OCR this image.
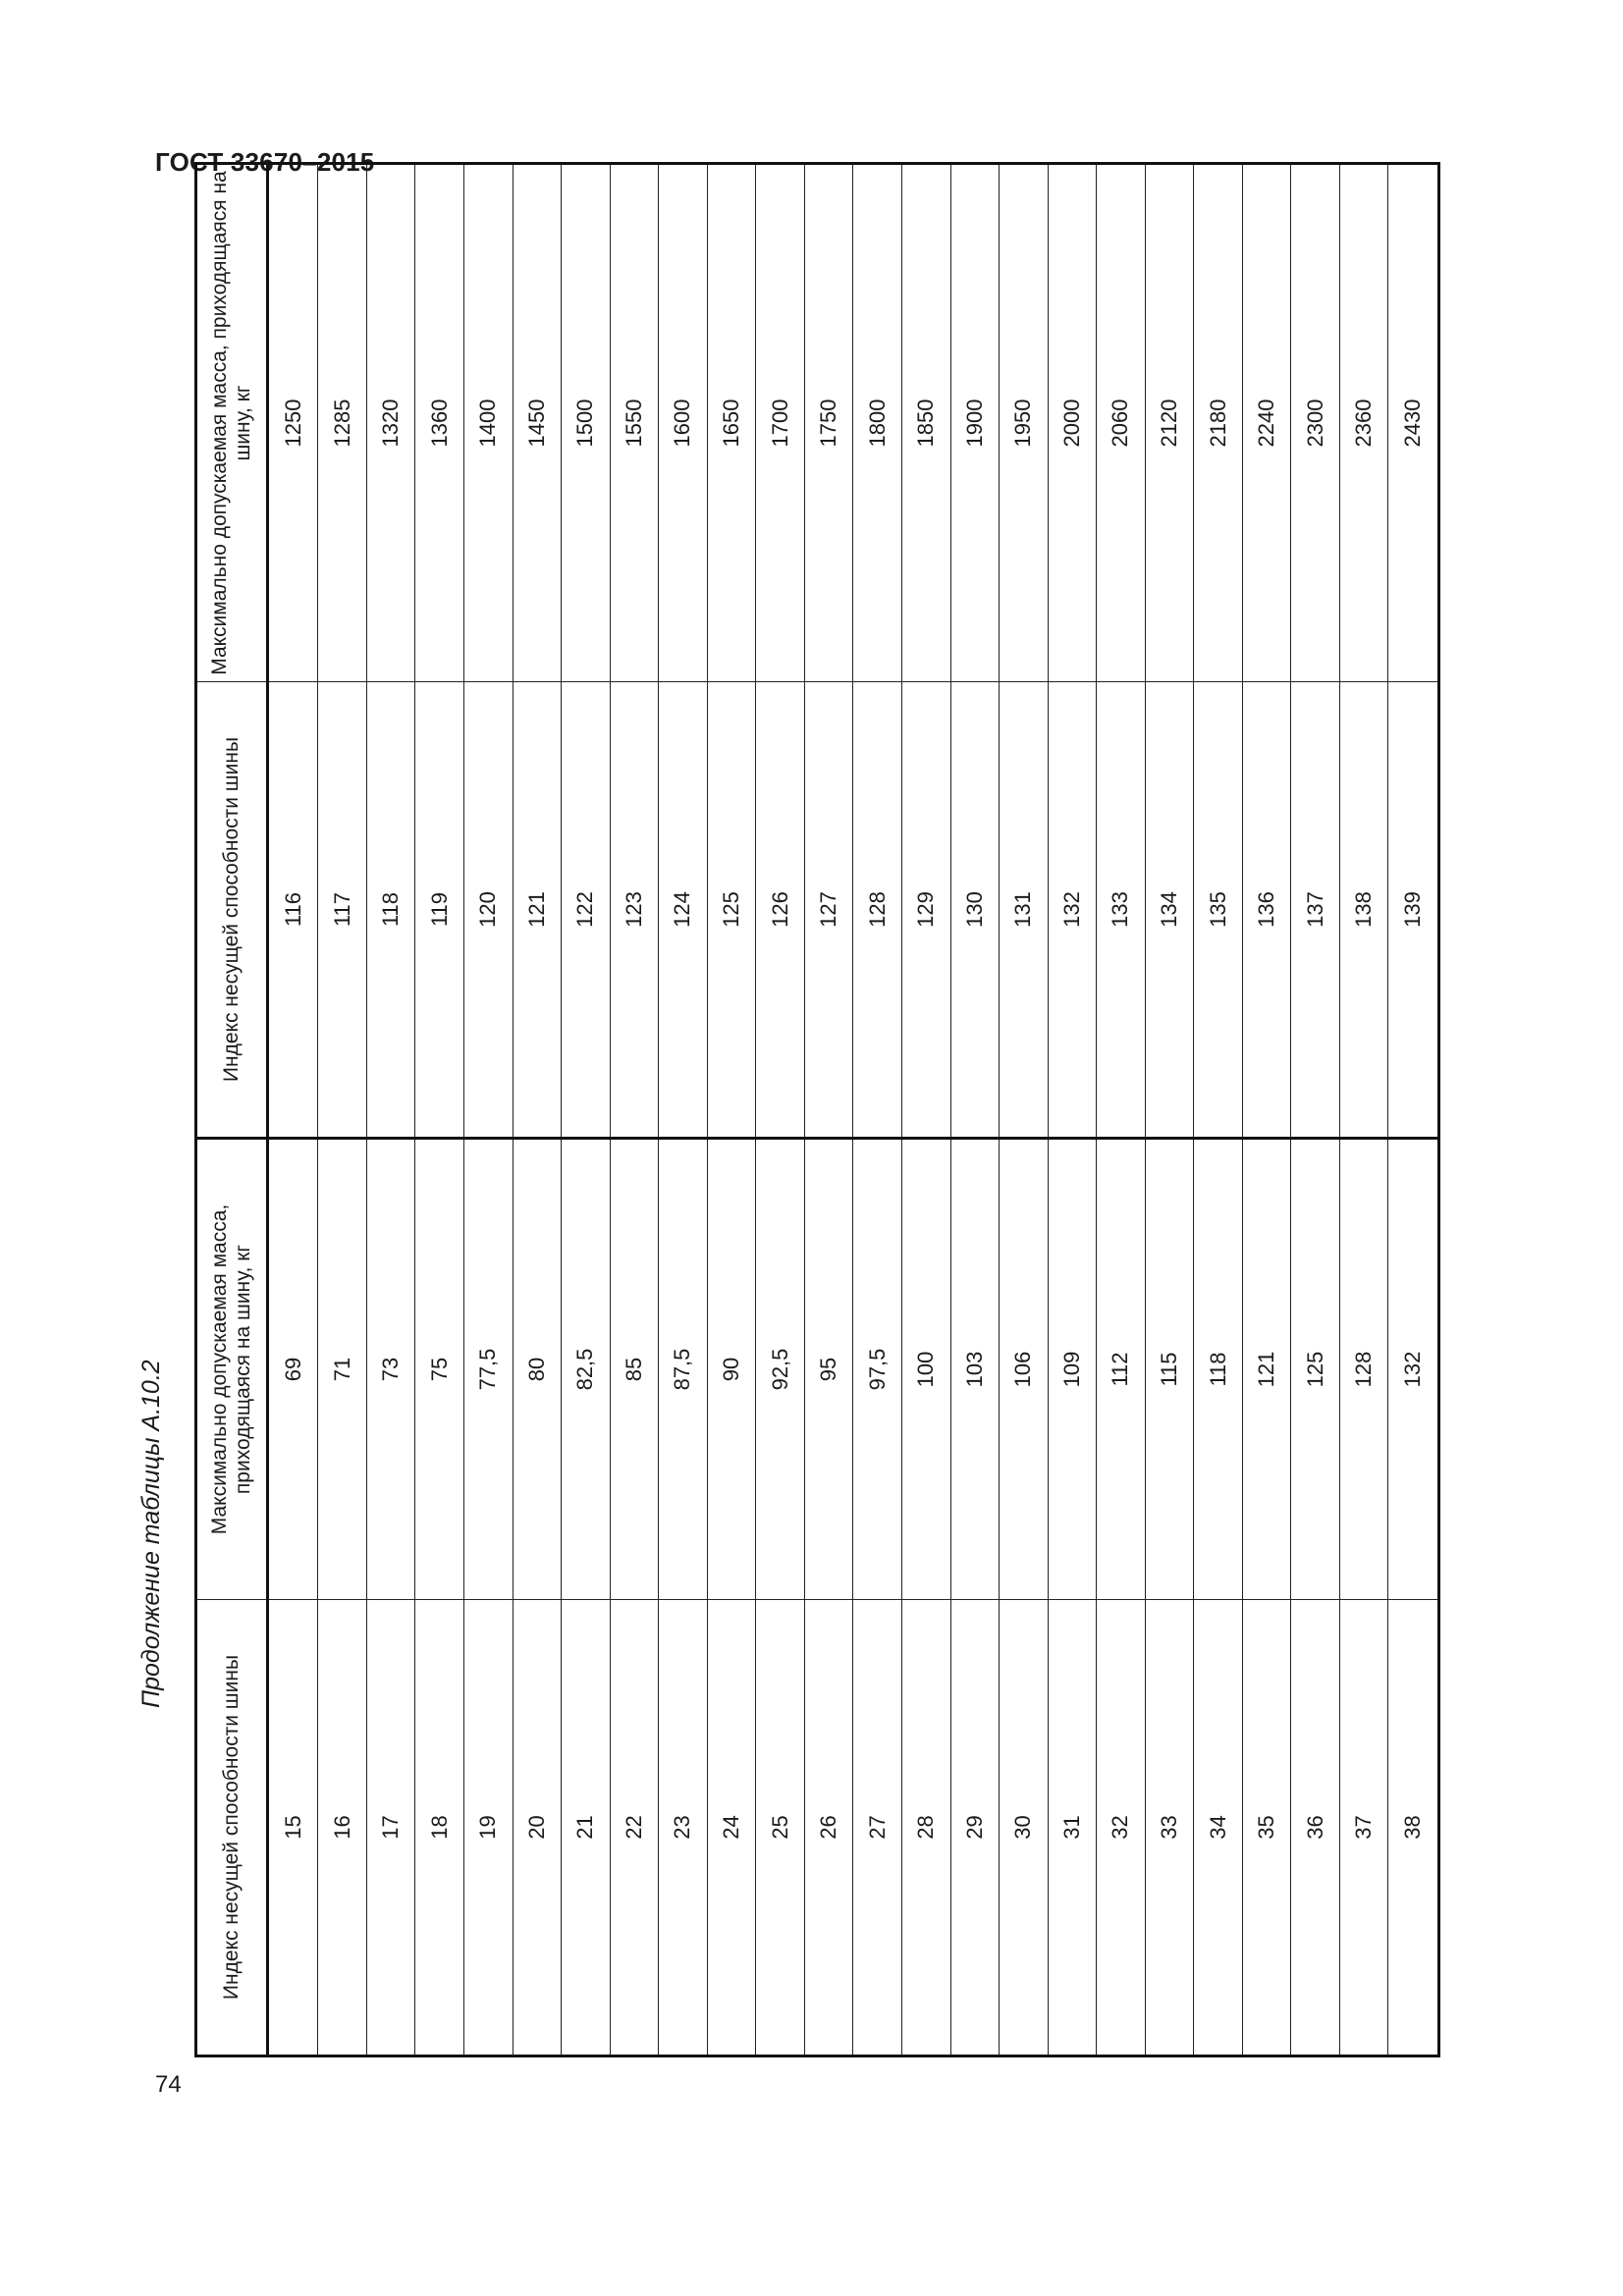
ГОСТ 33670–2015
Продолжение таблицы А.10.2
Индекс несущей способности шины	Максимально допускаемая масса, приходящаяся на шину, кг	Индекс несущей способности шины	Максимально допускаемая масса, приходящаяся на шину, кг
15	69	116	1250
16	71	117	1285
17	73	118	1320
18	75	119	1360
19	77,5	120	1400
20	80	121	1450
21	82,5	122	1500
22	85	123	1550
23	87,5	124	1600
24	90	125	1650
25	92,5	126	1700
26	95	127	1750
27	97,5	128	1800
28	100	129	1850
29	103	130	1900
30	106	131	1950
31	109	132	2000
32	112	133	2060
33	115	134	2120
34	118	135	2180
35	121	136	2240
36	125	137	2300
37	128	138	2360
38	132	139	2430
74
